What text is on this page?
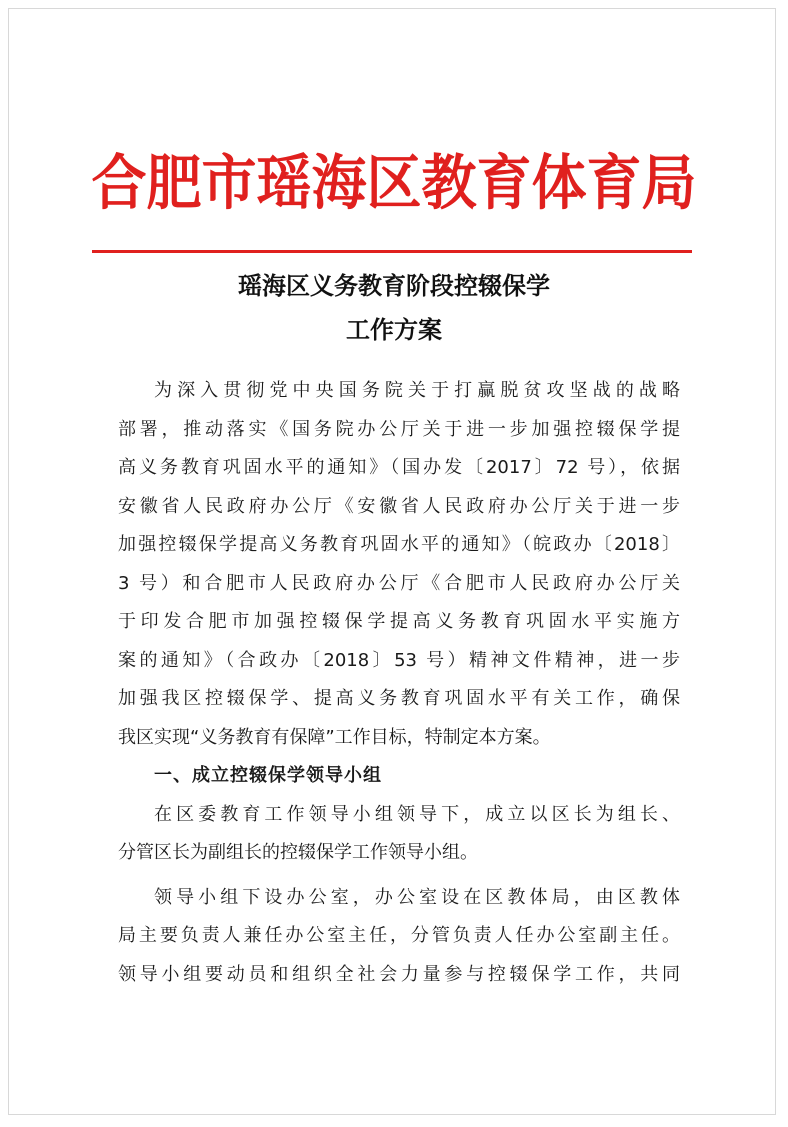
合肥市瑶海区教育体育局
瑶海区义务教育阶段控辍保学
工作方案
为深入贯彻党中央国务院关于打赢脱贫攻坚战的战略
部署，推动落实《国务院办公厅关于进一步加强控辍保学提
高义务教育巩固水平的通知》（国办发〔2017〕72 号），依据
安徽省人民政府办公厅《安徽省人民政府办公厅关于进一步
加强控辍保学提高义务教育巩固水平的通知》（皖政办〔2018〕
3 号）和合肥市人民政府办公厅《合肥市人民政府办公厅关
于印发合肥市加强控辍保学提高义务教育巩固水平实施方
案的通知》（合政办〔2018〕53 号）精神文件精神，进一步
加强我区控辍保学、提高义务教育巩固水平有关工作，确保
我区实现“义务教育有保障”工作目标，特制定本方案。
一、成立控辍保学领导小组
在区委教育工作领导小组领导下，成立以区长为组长、
分管区长为副组长的控辍保学工作领导小组。
领导小组下设办公室，办公室设在区教体局，由区教体
局主要负责人兼任办公室主任，分管负责人任办公室副主任。
领导小组要动员和组织全社会力量参与控辍保学工作，共同
